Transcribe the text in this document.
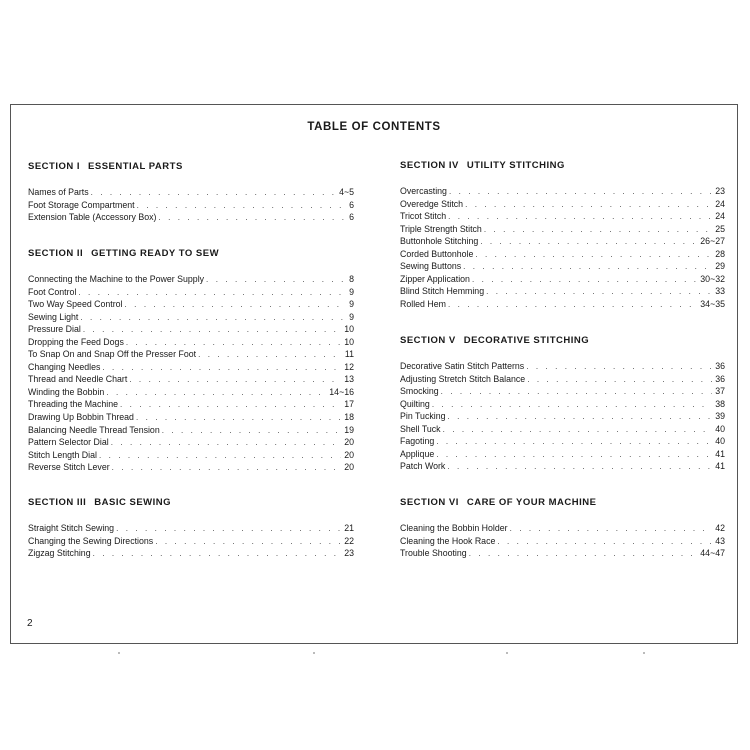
TABLE OF CONTENTS
SECTION I ESSENTIAL PARTS
Names of Parts . . .	4~5
Foot Storage Compartment . . .	6
Extension Table (Accessory Box) . . .	6
SECTION II GETTING READY TO SEW
Connecting the Machine to the Power Supply . . .	8
Foot Control . . .	9
Two Way Speed Control . . .	9
Sewing Light . . .	9
Pressure Dial . . .	10
Dropping the Feed Dogs . . .	10
To Snap On and Snap Off the Presser Foot . . .	11
Changing Needles . . .	12
Thread and Needle Chart . . .	13
Winding the Bobbin . . .	14~16
Threading the Machine . . .	17
Drawing Up Bobbin Thread . . .	18
Balancing Needle Thread Tension . . .	19
Pattern Selector Dial . . .	20
Stitch Length Dial . . .	20
Reverse Stitch Lever . . .	20
SECTION III BASIC SEWING
Straight Stitch Sewing . . .	21
Changing the Sewing Directions . . .	22
Zigzag Stitching . . .	23
SECTION IV UTILITY STITCHING
Overcasting . . .	23
Overedge Stitch . . .	24
Tricot Stitch . . .	24
Triple Strength Stitch . . .	25
Buttonhole Stitching . . .	26~27
Corded Buttonhole . . .	28
Sewing Buttons . . .	29
Zipper Application . . .	30~32
Blind Stitch Hemming . . .	33
Rolled Hem . . .	34~35
SECTION V DECORATIVE STITCHING
Decorative Satin Stitch Patterns . . .	36
Adjusting Stretch Stitch Balance . . .	36
Smocking . . .	37
Quilting . . .	38
Pin Tucking . . .	39
Shell Tuck . . .	40
Fagoting . . .	40
Applique . . .	41
Patch Work . . .	41
SECTION VI CARE OF YOUR MACHINE
Cleaning the Bobbin Holder . . .	42
Cleaning the Hook Race . . .	43
Trouble Shooting . . .	44~47
2
